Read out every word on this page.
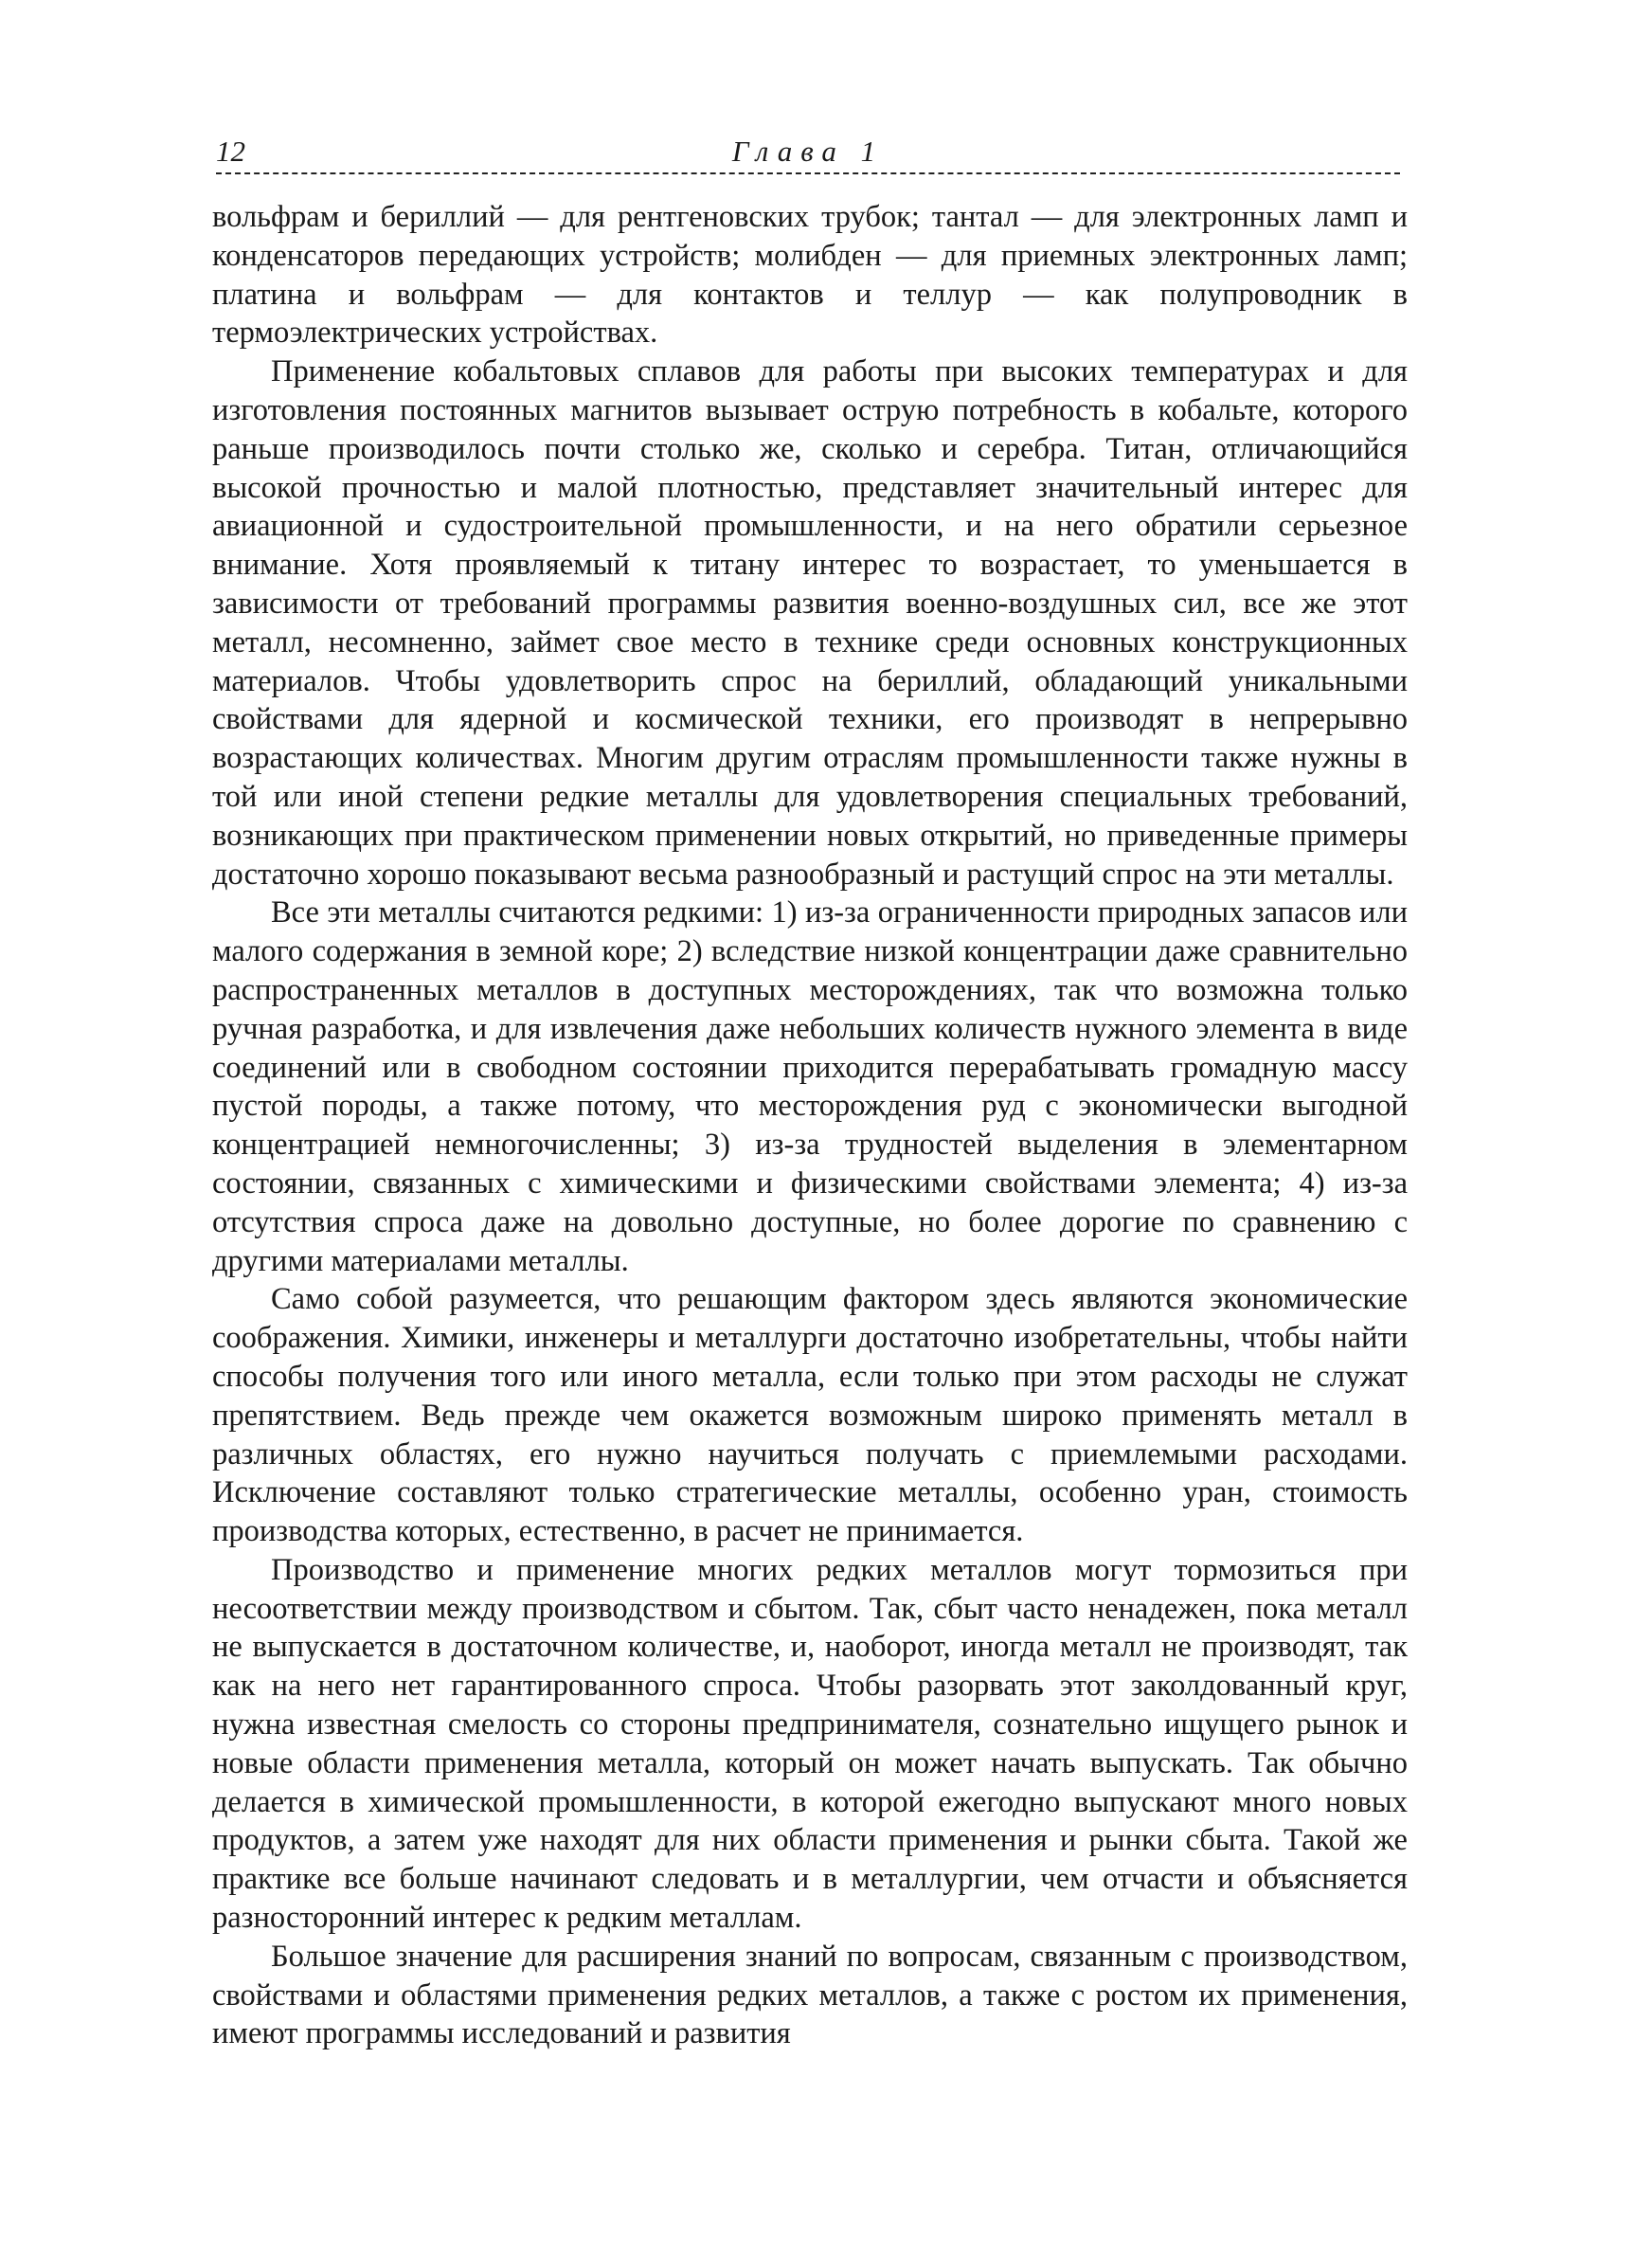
12	Глава 1

вольфрам и бериллий — для рентгеновских трубок; тантал — для электронных ламп и конденсаторов передающих устройств; молибден — для приемных электронных ламп; платина и вольфрам — для контактов и теллур — как полупроводник в термоэлектрических устройствах.

Применение кобальтовых сплавов для работы при высоких температурах и для изготовления постоянных магнитов вызывает острую потребность в кобальте, которого раньше производилось почти столько же, сколько и серебра. Титан, отличающийся высокой прочностью и малой плотностью, представляет значительный интерес для авиационной и судостроительной промышленности, и на него обратили серьезное внимание. Хотя проявляемый к титану интерес то возрастает, то уменьшается в зависимости от требований программы развития военно-воздушных сил, все же этот металл, несомненно, займет свое место в технике среди основных конструкционных материалов. Чтобы удовлетворить спрос на бериллий, обладающий уникальными свойствами для ядерной и космической техники, его производят в непрерывно возрастающих количествах. Многим другим отраслям промышленности также нужны в той или иной степени редкие металлы для удовлетворения специальных требований, возникающих при практическом применении новых открытий, но приведенные примеры достаточно хорошо показывают весьма разнообразный и растущий спрос на эти металлы.

Все эти металлы считаются редкими: 1) из-за ограниченности природных запасов или малого содержания в земной коре; 2) вследствие низкой концентрации даже сравнительно распространенных металлов в доступных месторождениях, так что возможна только ручная разработка, и для извлечения даже небольших количеств нужного элемента в виде соединений или в свободном состоянии приходится перерабатывать громадную массу пустой породы, а также потому, что месторождения руд с экономически выгодной концентрацией немногочисленны; 3) из-за трудностей выделения в элементарном состоянии, связанных с химическими и физическими свойствами элемента; 4) из-за отсутствия спроса даже на довольно доступные, но более дорогие по сравнению с другими материалами металлы.

Само собой разумеется, что решающим фактором здесь являются экономические соображения. Химики, инженеры и металлурги достаточно изобретательны, чтобы найти способы получения того или иного металла, если только при этом расходы не служат препятствием. Ведь прежде чем окажется возможным широко применять металл в различных областях, его нужно научиться получать с приемлемыми расходами. Исключение составляют только стратегические металлы, особенно уран, стоимость производства которых, естественно, в расчет не принимается.

Производство и применение многих редких металлов могут тормозиться при несоответствии между производством и сбытом. Так, сбыт часто ненадежен, пока металл не выпускается в достаточном количестве, и, наоборот, иногда металл не производят, так как на него нет гарантированного спроса. Чтобы разорвать этот заколдованный круг, нужна известная смелость со стороны предпринимателя, сознательно ищущего рынок и новые области применения металла, который он может начать выпускать. Так обычно делается в химической промышленности, в которой ежегодно выпускают много новых продуктов, а затем уже находят для них области применения и рынки сбыта. Такой же практике все больше начинают следовать и в металлургии, чем отчасти и объясняется разносторонний интерес к редким металлам.

Большое значение для расширения знаний по вопросам, связанным с производством, свойствами и областями применения редких металлов, а также с ростом их применения, имеют программы исследований и развития
